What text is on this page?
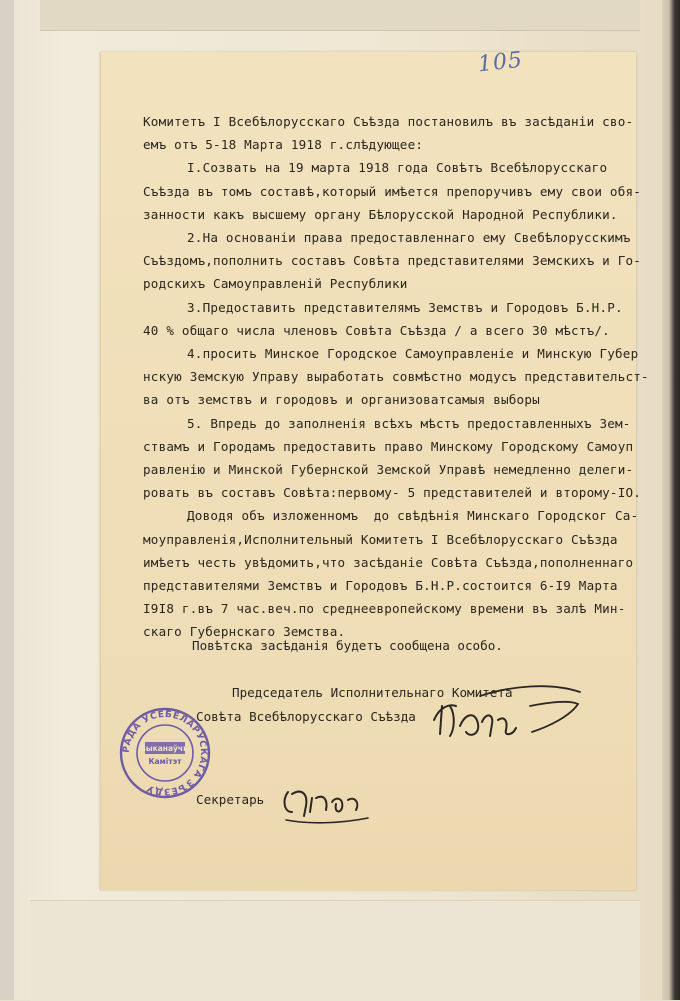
105

Комитетъ I Всебѣлорусскаго Съѣзда постановилъ въ засѣданiи сво-
емъ отъ 5-18 Марта 1918 г.слѣдующее:

I.Созвать на 19 марта 1918 года Совѣтъ Всебѣлорусскаго
Съѣзда въ томъ составѣ,который имѣется препоручивъ ему свои обя-
занности какъ высшему органу Бѣлорусской Народной Республики.

2.На основанiи права предоставленнаго ему Свебѣлорусскимъ
Съѣздомъ,пополнить составъ Совѣта представителями Земскихъ и Го-
родскихъ Самоуправленiй Республики

3.Предоставить представителямъ Земствъ и Городовъ Б.Н.Р.
40 % общаго числа членовъ Совѣта Съѣзда / а всего 30 мѣстъ/.

4.просить Минское Городское Самоуправленiе и Минскую Губер
нскую Земскую Управу выработать совмѣстно модусъ представительст-
ва отъ земствъ и городовъ и организоватсамыя выборы

5. Впредь до заполненiя всѣхъ мѣстъ предоставленныхъ Зем-
ствамъ и Городамъ предоставить право Минскому Городскому Самоуп
равленiю и Минской Губернской Земской Управѣ немедленно делеги-
ровать въ составъ Совѣта:первому- 5 представителей и второму-IO.

Доводя объ изложенномъ  до свѣдѣнiя Минскаго Городског Са-
моуправленiя,Исполнительный Комитетъ I Всебѣлорусскаго Съѣзда
имѣетъ честь увѣдомить,что засѣданiе Совѣта Съѣзда,пополненнаго
представителями Земствъ и Городовъ Б.Н.Р.состоится 6-I9 Марта
I9I8 г.въ 7 час.веч.по среднеевропейскому времени въ залѣ Мин-
скаго Губернскаго Земства.

Повѣтска засѣданiя будетъ сообщена особо.
Председатель Исполнительнаго Комитета
Совѣта Всебѣлорусскаго Съѣзда
Секретарь
РАДА УСЕБЕЛАРУСКАГА ЗЪЕЗДУ
Выканаўчы
Камітэт
